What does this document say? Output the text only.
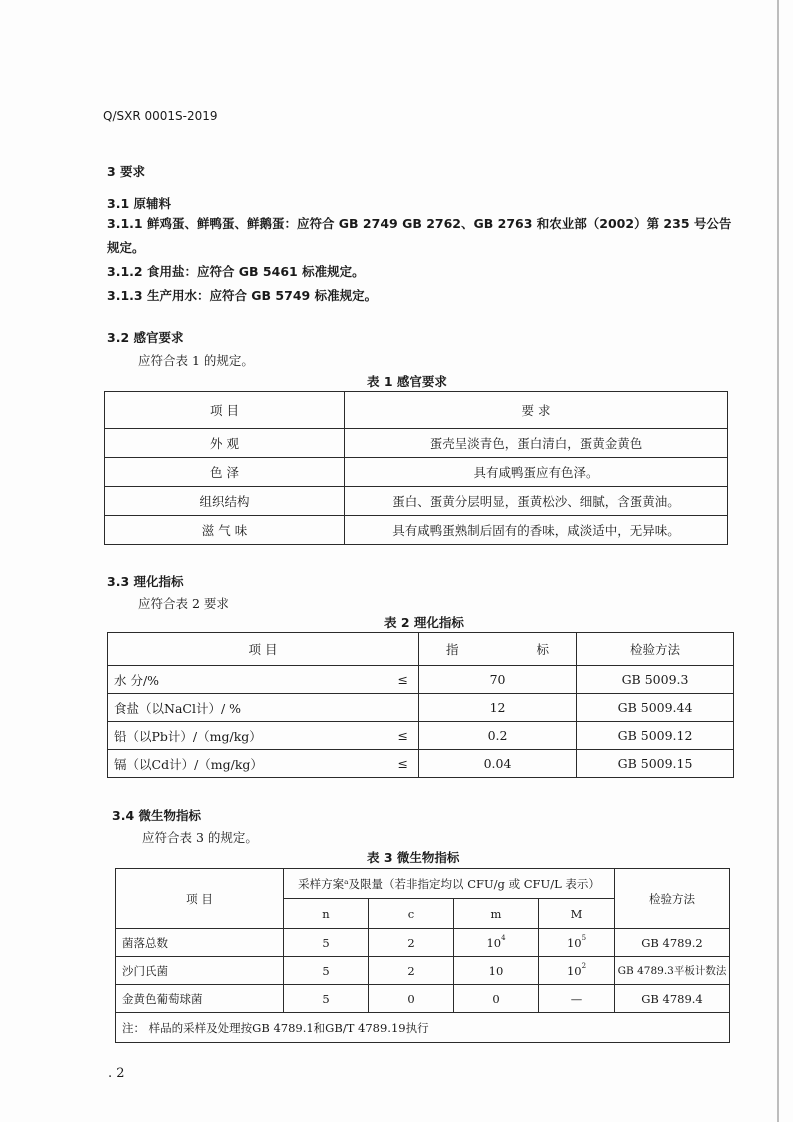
Q/SXR 0001S-2019
3 要求
3.1 原辅料
3.1.1 鲜鸡蛋、鲜鸭蛋、鲜鹅蛋：应符合 GB 2749 GB 2762、GB 2763 和农业部（2002）第 235 号公告
规定。
3.1.2 食用盐：应符合 GB 5461 标准规定。
3.1.3 生产用水：应符合 GB 5749 标准规定。
3.2 感官要求
应符合表 1 的规定。
表 1 感官要求
项 目	要 求
外 观	蛋壳呈淡青色，蛋白清白，蛋黄金黄色
色 泽	具有咸鸭蛋应有色泽。
组织结构	蛋白、蛋黄分层明显，蛋黄松沙、细腻，含蛋黄油。
滋 气 味	具有咸鸭蛋熟制后固有的香味，咸淡适中，无异味。
3.3 理化指标
应符合表 2 要求
表 2 理化指标
项 目		指 标	检验方法
水 分/%	≤	70	GB 5009.3
食盐（以NaCl计）/ %		12	GB 5009.44
铅（以Pb计）/（mg/kg）	≤	0.2	GB 5009.12
镉（以Cd计）/（mg/kg）	≤	0.04	GB 5009.15
3.4 微生物指标
应符合表 3 的规定。
表 3 微生物指标
项 目	采样方案ᵃ及限量（若非指定均以 CFU/g 或 CFU/L 表示）				检验方法
	n	c	m	M	
菌落总数	5	2	$10^4$	$10^5$	GB 4789.2
沙门氏菌	5	2	10	$10^2$	GB 4789.3平板计数法
金黄色葡萄球菌	5	0	0	—	GB 4789.4
注： 样品的采样及处理按GB 4789.1和GB/T 4789.19执行					
. 2
